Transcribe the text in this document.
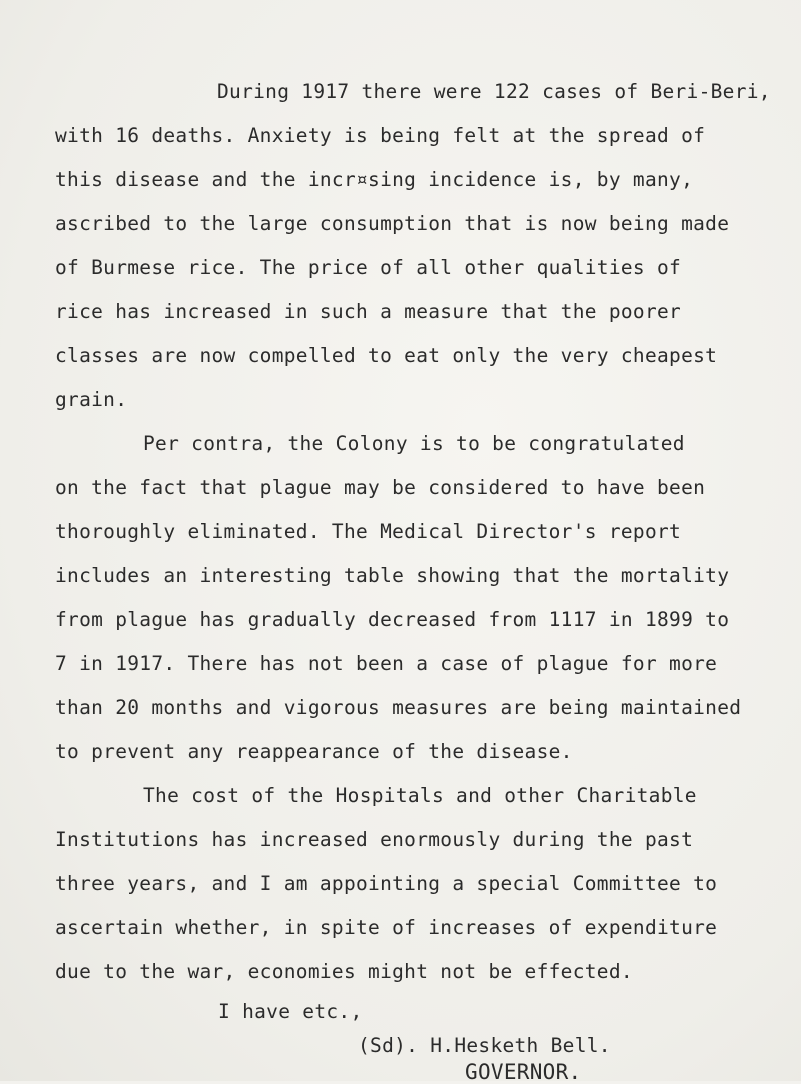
During 1917 there were 122 cases of Beri-Beri,
with 16 deaths. Anxiety is being felt at the spread of
this disease and the incr¤sing incidence is, by many,
ascribed to the large consumption that is now being made
of Burmese rice. The price of all other qualities of
rice has increased in such a measure that the poorer
classes are now compelled to eat only the very cheapest
grain.
Per contra, the Colony is to be congratulated
on the fact that plague may be considered to have been
thoroughly eliminated. The Medical Director's report
includes an interesting table showing that the mortality
from plague has gradually decreased from 1117 in 1899 to
7 in 1917. There has not been a case of plague for more
than 20 months and vigorous measures are being maintained
to prevent any reappearance of the disease.
The cost of the Hospitals and other Charitable
Institutions has increased enormously during the past
three years, and I am appointing a special Committee to
ascertain whether, in spite of increases of expenditure
due to the war, economies might not be effected.
I have etc.,
(Sd). H.Hesketh Bell.
GOVERNOR.
